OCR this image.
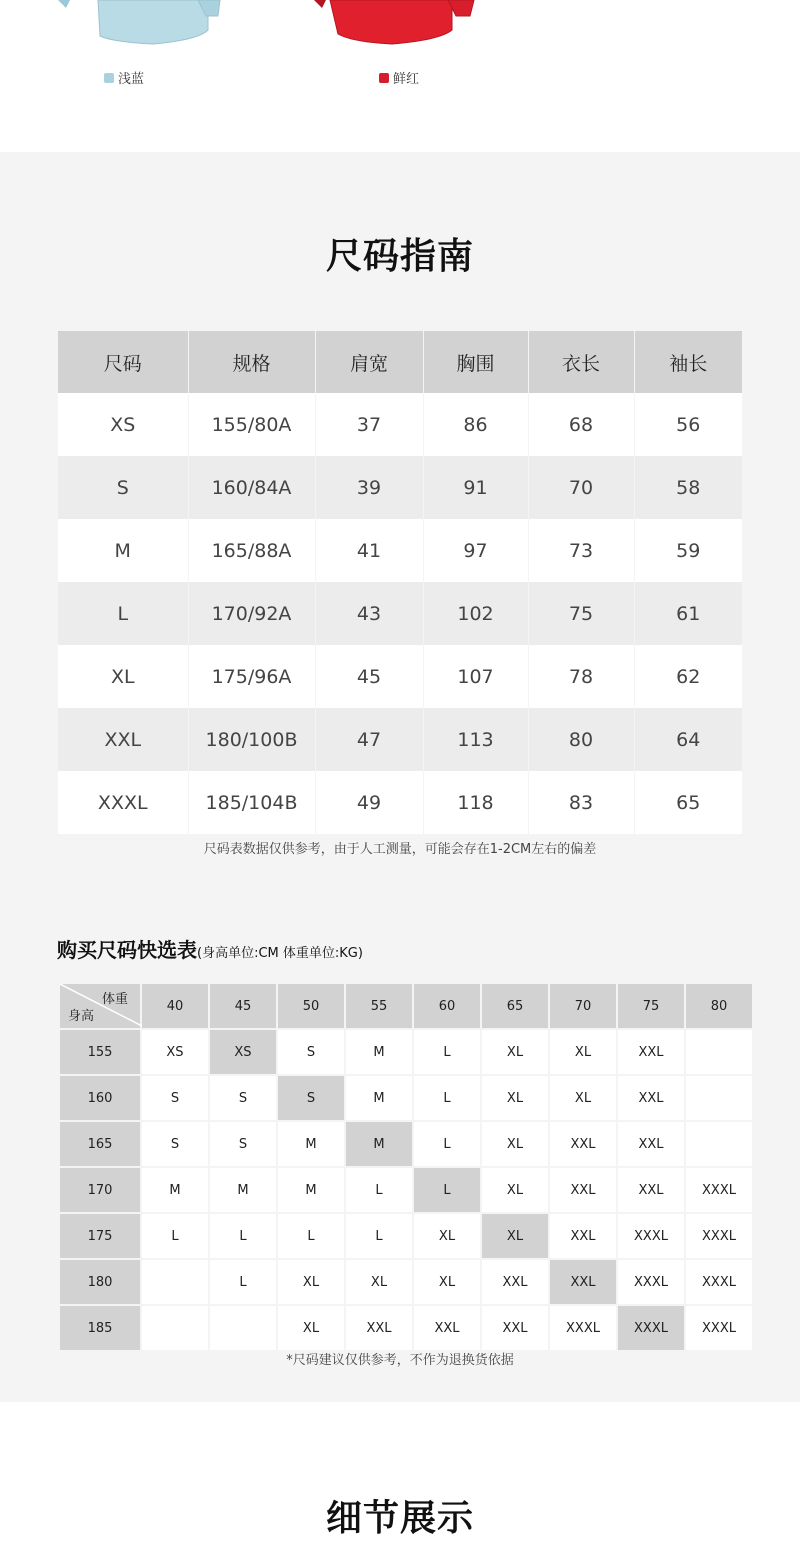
浅蓝	鲜红
尺码指南
尺码	规格	肩宽	胸围	衣长	袖长
XS	155/80A	37	86	68	56
S	160/84A	39	91	70	58
M	165/88A	41	97	73	59
L	170/92A	43	102	75	61
XL	175/96A	45	107	78	62
XXL	180/100B	47	113	80	64
XXXL	185/104B	49	118	83	65
尺码表数据仅供参考，由于人工测量，可能会存在1-2CM左右的偏差
购买尺码快选表(身高单位:CM 体重单位:KG)
体重
身高	40	45	50	55	60	65	70	75	80
155	XS	XS	S	M	L	XL	XL	XXL	
160	S	S	S	M	L	XL	XL	XXL	
165	S	S	M	M	L	XL	XXL	XXL	
170	M	M	M	L	L	XL	XXL	XXL	XXXL
175	L	L	L	L	XL	XL	XXL	XXXL	XXXL
180		L	XL	XL	XL	XXL	XXL	XXXL	XXXL
185			XL	XXL	XXL	XXL	XXXL	XXXL	XXXL
*尺码建议仅供参考，不作为退换货依据
细节展示
